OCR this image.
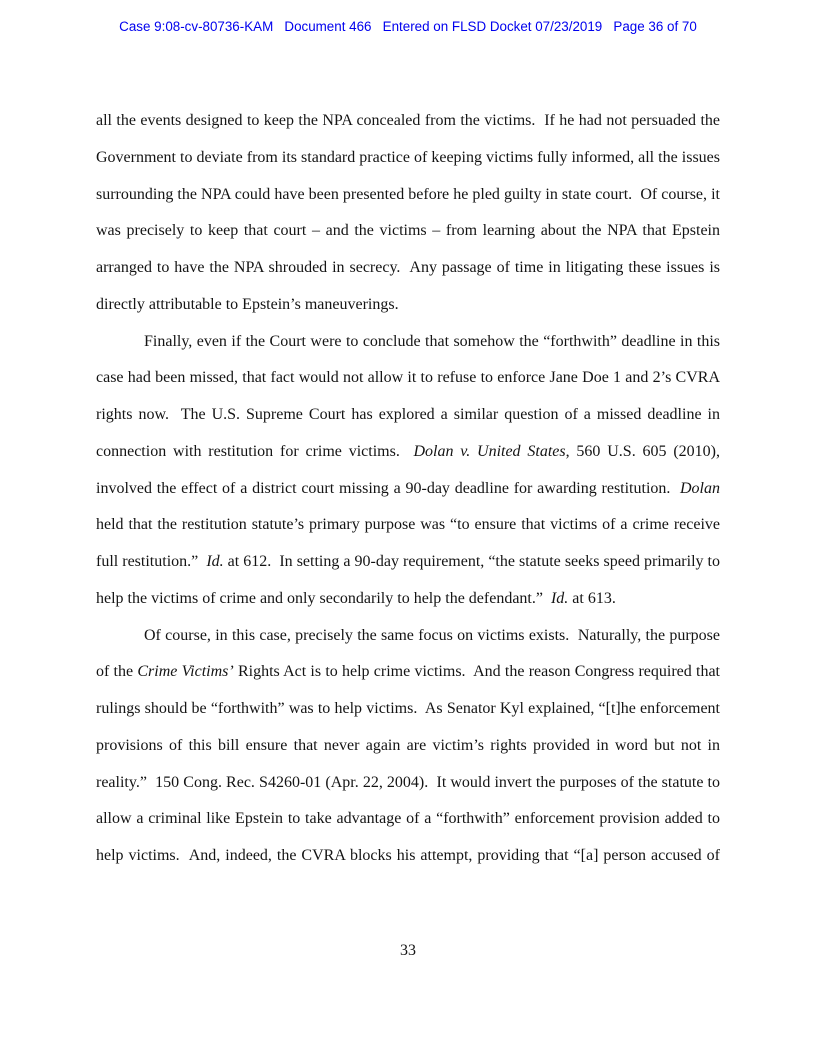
Case 9:08-cv-80736-KAM   Document 466   Entered on FLSD Docket 07/23/2019   Page 36 of 70

all the events designed to keep the NPA concealed from the victims.  If he had not persuaded the Government to deviate from its standard practice of keeping victims fully informed, all the issues surrounding the NPA could have been presented before he pled guilty in state court.  Of course, it was precisely to keep that court – and the victims – from learning about the NPA that Epstein arranged to have the NPA shrouded in secrecy.  Any passage of time in litigating these issues is directly attributable to Epstein’s maneuverings.

Finally, even if the Court were to conclude that somehow the “forthwith” deadline in this case had been missed, that fact would not allow it to refuse to enforce Jane Doe 1 and 2’s CVRA rights now.  The U.S. Supreme Court has explored a similar question of a missed deadline in connection with restitution for crime victims.  Dolan v. United States, 560 U.S. 605 (2010), involved the effect of a district court missing a 90-day deadline for awarding restitution.  Dolan held that the restitution statute’s primary purpose was “to ensure that victims of a crime receive full restitution.”  Id. at 612.  In setting a 90-day requirement, “the statute seeks speed primarily to help the victims of crime and only secondarily to help the defendant.”  Id. at 613.

Of course, in this case, precisely the same focus on victims exists.  Naturally, the purpose of the Crime Victims’ Rights Act is to help crime victims.  And the reason Congress required that rulings should be “forthwith” was to help victims.  As Senator Kyl explained, “[t]he enforcement provisions of this bill ensure that never again are victim’s rights provided in word but not in reality.”  150 Cong. Rec. S4260-01 (Apr. 22, 2004).  It would invert the purposes of the statute to allow a criminal like Epstein to take advantage of a “forthwith” enforcement provision added to help victims.  And, indeed, the CVRA blocks his attempt, providing that “[a] person accused of

33
